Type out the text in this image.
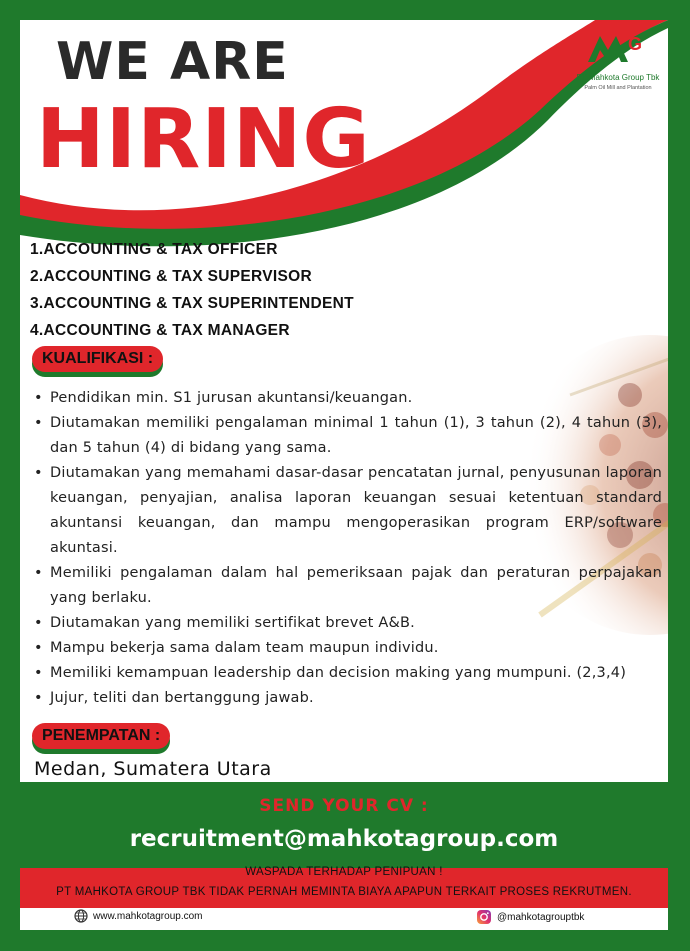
WE ARE
HIRING
G
PT Mahkota Group Tbk
Palm Oil Mill and Plantation
1.ACCOUNTING & TAX OFFICER
2.ACCOUNTING & TAX SUPERVISOR
3.ACCOUNTING & TAX SUPERINTENDENT
4.ACCOUNTING & TAX MANAGER
KUALIFIKASI :
• Pendidikan min. S1 jurusan akuntansi/keuangan.
• Diutamakan memiliki pengalaman minimal 1 tahun (1), 3 tahun (2), 4 tahun (3), dan 5 tahun (4) di bidang yang sama.
• Diutamakan yang memahami dasar-dasar pencatatan jurnal, penyusunan laporan keuangan, penyajian, analisa laporan keuangan sesuai ketentuan standard akuntansi keuangan, dan mampu mengoperasikan program ERP/software akuntasi.
• Memiliki pengalaman dalam hal pemeriksaan pajak dan peraturan perpajakan yang berlaku.
• Diutamakan yang memiliki sertifikat brevet A&B.
• Mampu bekerja sama dalam team maupun individu.
• Memiliki kemampuan leadership dan decision making yang mumpuni. (2,3,4)
• Jujur, teliti dan bertanggung jawab.
PENEMPATAN :
Medan, Sumatera Utara
SEND YOUR CV :
recruitment@mahkotagroup.com
WASPADA TERHADAP PENIPUAN !
PT MAHKOTA GROUP TBK TIDAK PERNAH MEMINTA BIAYA APAPUN TERKAIT PROSES REKRUTMEN.
www.mahkotagroup.com	@mahkotagrouptbk
